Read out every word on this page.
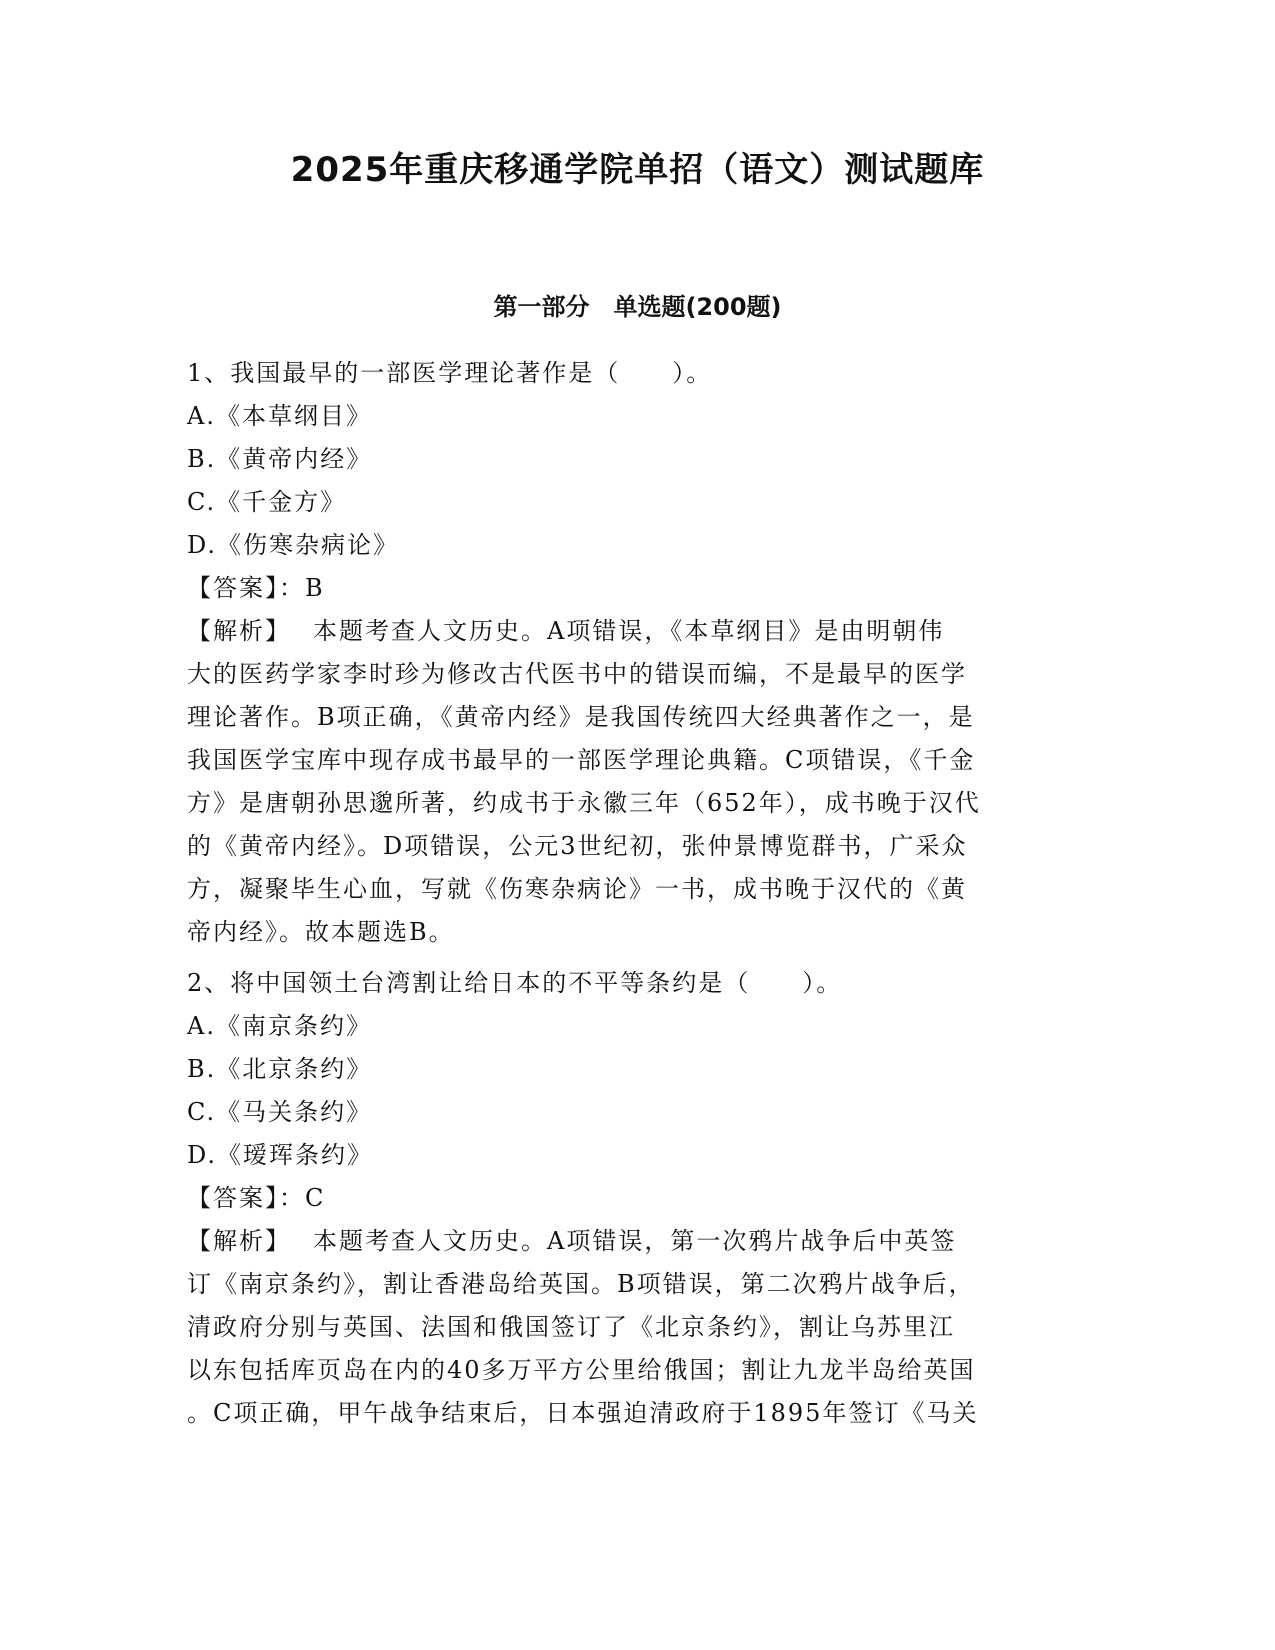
2025年重庆移通学院单招（语文）测试题库
第一部分　单选题(200题)
1、我国最早的一部医学理论著作是（　　）。
A.《本草纲目》
B.《黄帝内经》
C.《千金方》
D.《伤寒杂病论》
【答案】：B
【解析】 本题考查人文历史。A项错误，《本草纲目》是由明朝伟
大的医药学家李时珍为修改古代医书中的错误而编，不是最早的医学
理论著作。B项正确，《黄帝内经》是我国传统四大经典著作之一，是
我国医学宝库中现存成书最早的一部医学理论典籍。C项错误，《千金
方》是唐朝孙思邈所著，约成书于永徽三年（652年），成书晚于汉代
的《黄帝内经》。D项错误，公元3世纪初，张仲景博览群书，广采众
方，凝聚毕生心血，写就《伤寒杂病论》一书，成书晚于汉代的《黄
帝内经》。故本题选B。
2、将中国领土台湾割让给日本的不平等条约是（　　）。
A.《南京条约》
B.《北京条约》
C.《马关条约》
D.《瑷珲条约》
【答案】：C
【解析】 本题考查人文历史。A项错误，第一次鸦片战争后中英签
订《南京条约》，割让香港岛给英国。B项错误，第二次鸦片战争后，
清政府分别与英国、法国和俄国签订了《北京条约》，割让乌苏里江
以东包括库页岛在内的40多万平方公里给俄国；割让九龙半岛给英国
。C项正确，甲午战争结束后，日本强迫清政府于1895年签订《马关
